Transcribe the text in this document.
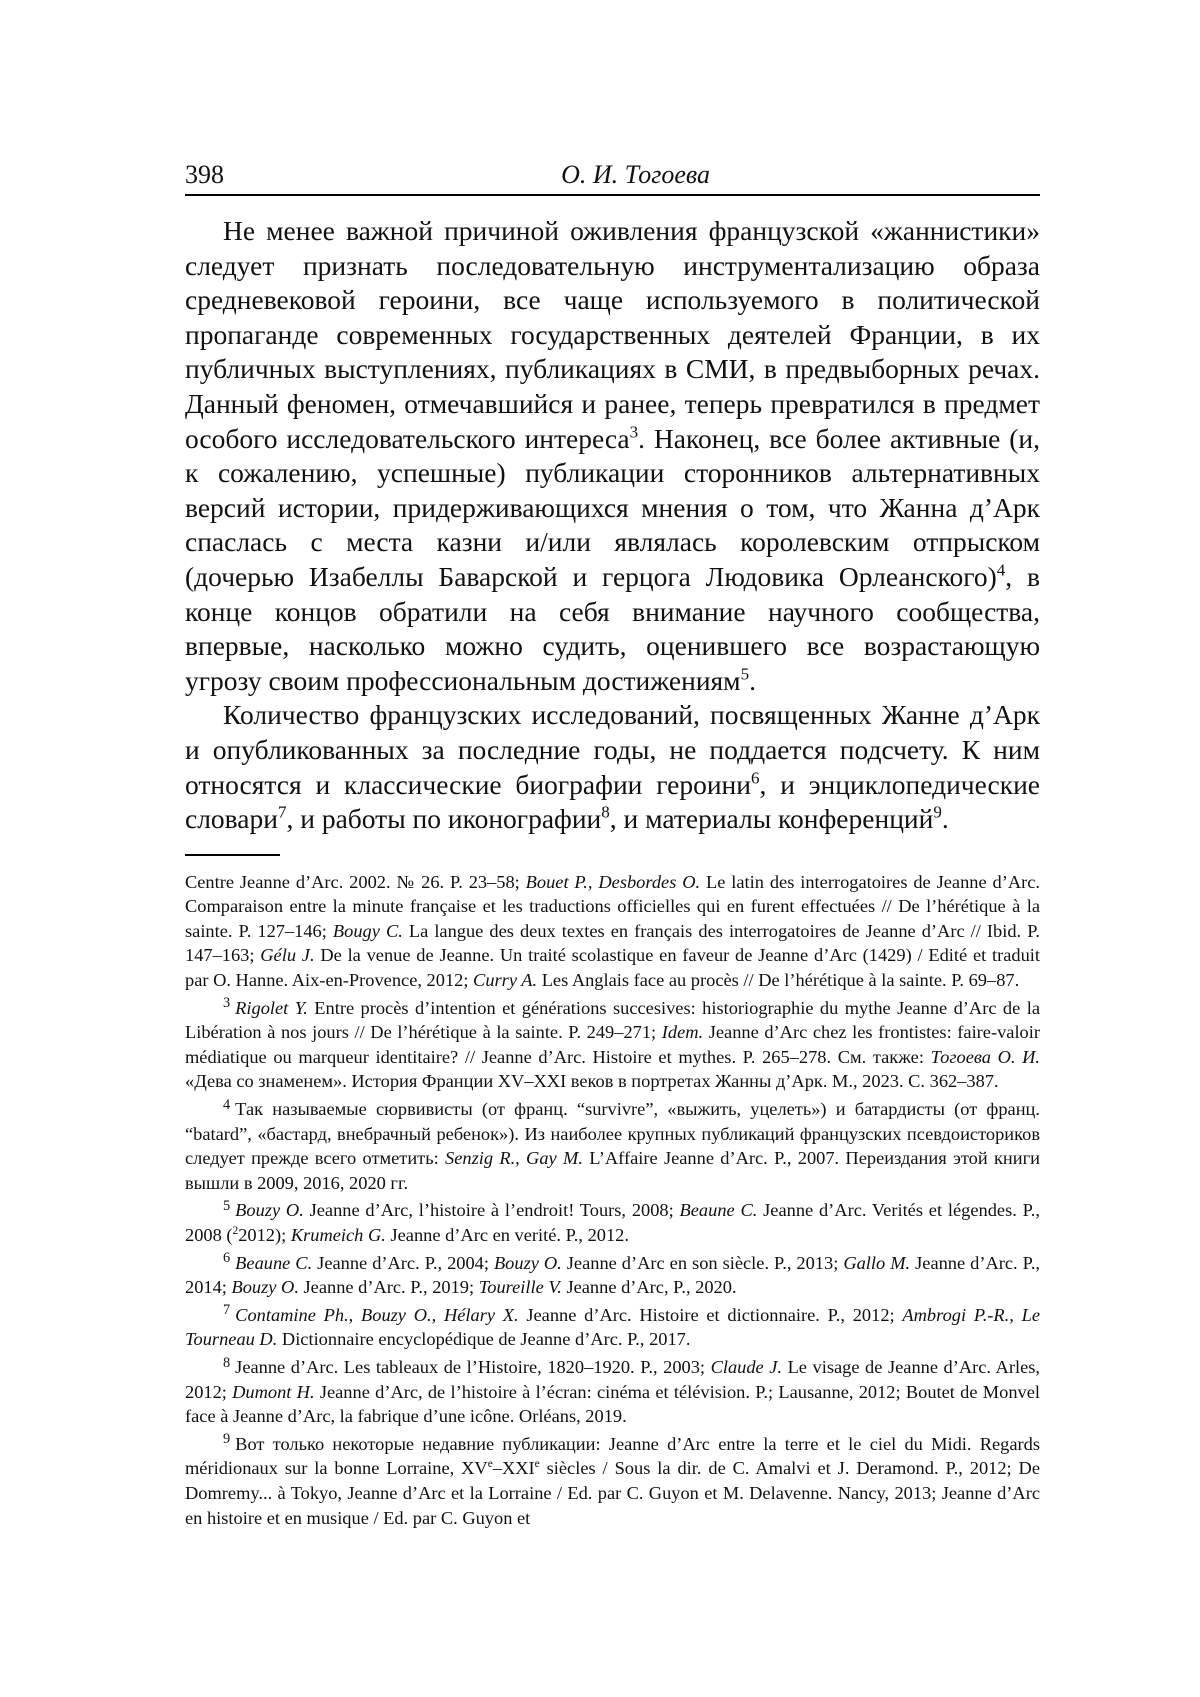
398	О. И. Тогоева

Не менее важной причиной оживления французской «жаннистики» следует признать последовательную инструментализацию образа средневековой героини, все чаще используемого в политической пропаганде современных государственных деятелей Франции, в их публичных выступлениях, публикациях в СМИ, в предвыборных речах. Данный феномен, отмечавшийся и ранее, теперь превратился в предмет особого исследовательского интереса$^3$. Наконец, все более активные (и, к сожалению, успешные) публикации сторонников альтернативных версий истории, придерживающихся мнения о том, что Жанна д’Арк спаслась с места казни и/или являлась королевским отпрыском (дочерью Изабеллы Баварской и герцога Людовика Орлеанского)$^4$, в конце концов обратили на себя внимание научного сообщества, впервые, насколько можно судить, оценившего все возрастающую угрозу своим профессиональным достижениям$^5$.

Количество французских исследований, посвященных Жанне д’Арк и опубликованных за последние годы, не поддается подсчету. К ним относятся и классические биографии героини$^6$, и энциклопедические словари$^7$, и работы по иконографии$^8$, и материалы конференций$^9$.

Centre Jeanne d’Arc. 2002. № 26. P. 23–58; Bouet P., Desbordes O. Le latin des interrogatoires de Jeanne d’Arc. Comparaison entre la minute française et les traductions officielles qui en furent effectuées // De l’hérétique à la sainte. P. 127–146; Bougy C. La langue des deux textes en français des interrogatoires de Jeanne d’Arc // Ibid. P. 147–163; Gélu J. De la venue de Jeanne. Un traité scolastique en faveur de Jeanne d’Arc (1429) / Edité et traduit par O. Hanne. Aix-en-Provence, 2012; Curry A. Les Anglais face au procès // De l’hérétique à la sainte. P. 69–87.

$^3$ Rigolet Y. Entre procès d’intention et générations succesives: historiographie du mythe Jeanne d’Arc de la Libération à nos jours // De l’hérétique à la sainte. P. 249–271; Idem. Jeanne d’Arc chez les frontistes: faire-valoir médiatique ou marqueur identitaire? // Jeanne d’Arc. Histoire et mythes. P. 265–278. См. также: Тогоева О. И. «Дева со знаменем». История Франции XV–XXI веков в портретах Жанны д’Арк. М., 2023. С. 362–387.

$^4$ Так называемые сюрвивисты (от франц. “survivre”, «выжить, уцелеть») и батардисты (от франц. “batard”, «бастард, внебрачный ребенок»). Из наиболее крупных публикаций французских псевдоисториков следует прежде всего отметить: Senzig R., Gay M. L’Affaire Jeanne d’Arc. P., 2007. Переиздания этой книги вышли в 2009, 2016, 2020 гг.

$^5$ Bouzy O. Jeanne d’Arc, l’histoire à l’endroit! Tours, 2008; Beaune C. Jeanne d’Arc. Verités et légendes. P., 2008 ($^2$2012); Krumeich G. Jeanne d’Arc en verité. P., 2012.

$^6$ Beaune C. Jeanne d’Arc. P., 2004; Bouzy O. Jeanne d’Arc en son siècle. P., 2013; Gallo M. Jeanne d’Arc. P., 2014; Bouzy O. Jeanne d’Arc. P., 2019; Toureille V. Jeanne d’Arc, P., 2020.

$^7$ Contamine Ph., Bouzy O., Hélary X. Jeanne d’Arc. Histoire et dictionnaire. P., 2012; Ambrogi P.-R., Le Tourneau D. Dictionnaire encyclopédique de Jeanne d’Arc. P., 2017.

$^8$ Jeanne d’Arc. Les tableaux de l’Histoire, 1820–1920. P., 2003; Claude J. Le visage de Jeanne d’Arc. Arles, 2012; Dumont H. Jeanne d’Arc, de l’histoire à l’écran: cinéma et télévision. P.; Lausanne, 2012; Boutet de Monvel face à Jeanne d’Arc, la fabrique d’une icône. Orléans, 2019.

$^9$ Вот только некоторые недавние публикации: Jeanne d’Arc entre la terre et le ciel du Midi. Regards méridionaux sur la bonne Lorraine, XVe–XXIe siècles / Sous la dir. de C. Amalvi et J. Deramond. P., 2012; De Domremy... à Tokyo, Jeanne d’Arc et la Lorraine / Ed. par C. Guyon et M. Delavenne. Nancy, 2013; Jeanne d’Arc en histoire et en musique / Ed. par C. Guyon et
